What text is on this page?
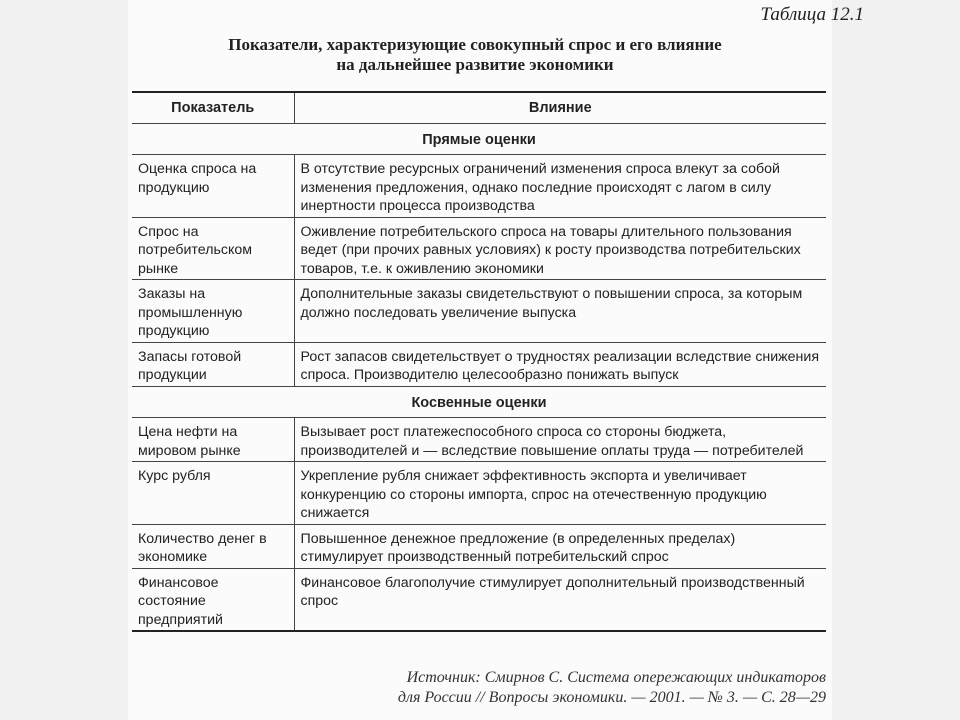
Таблица 12.1
Показатели, характеризующие совокупный спрос и его влияние
на дальнейшее развитие экономики
Показатель	Влияние
Прямые оценки	
Оценка спроса на продукцию	В отсутствие ресурсных ограничений изменения спроса влекут за собой изменения предложения, однако последние происходят с лагом в силу инертности процесса производства
Спрос на потребительском рынке	Оживление потребительского спроса на товары длительного пользования ведет (при прочих равных условиях) к росту производства потребительских товаров, т.е. к оживлению экономики
Заказы на промышленную продукцию	Дополнительные заказы свидетельствуют о повышении спроса, за которым должно последовать увеличение выпуска
Запасы готовой продукции	Рост запасов свидетельствует о трудностях реализации вследствие снижения спроса. Производителю целесообразно понижать выпуск
Косвенные оценки	
Цена нефти на мировом рынке	Вызывает рост платежеспособного спроса со стороны бюджета, производителей и — вследствие повышение оплаты труда — потребителей
Курс рубля	Укрепление рубля снижает эффективность экспорта и увеличивает конкуренцию со стороны импорта, спрос на отечественную продукцию снижается
Количество денег в экономике	Повышенное денежное предложение (в определенных пределах) стимулирует производственный потребительский спрос
Финансовое состояние предприятий	Финансовое благополучие стимулирует дополнительный производственный спрос
Источник: Смирнов С. Система опережающих индикаторов
для России // Вопросы экономики. — 2001. — № 3. — С. 28—29
